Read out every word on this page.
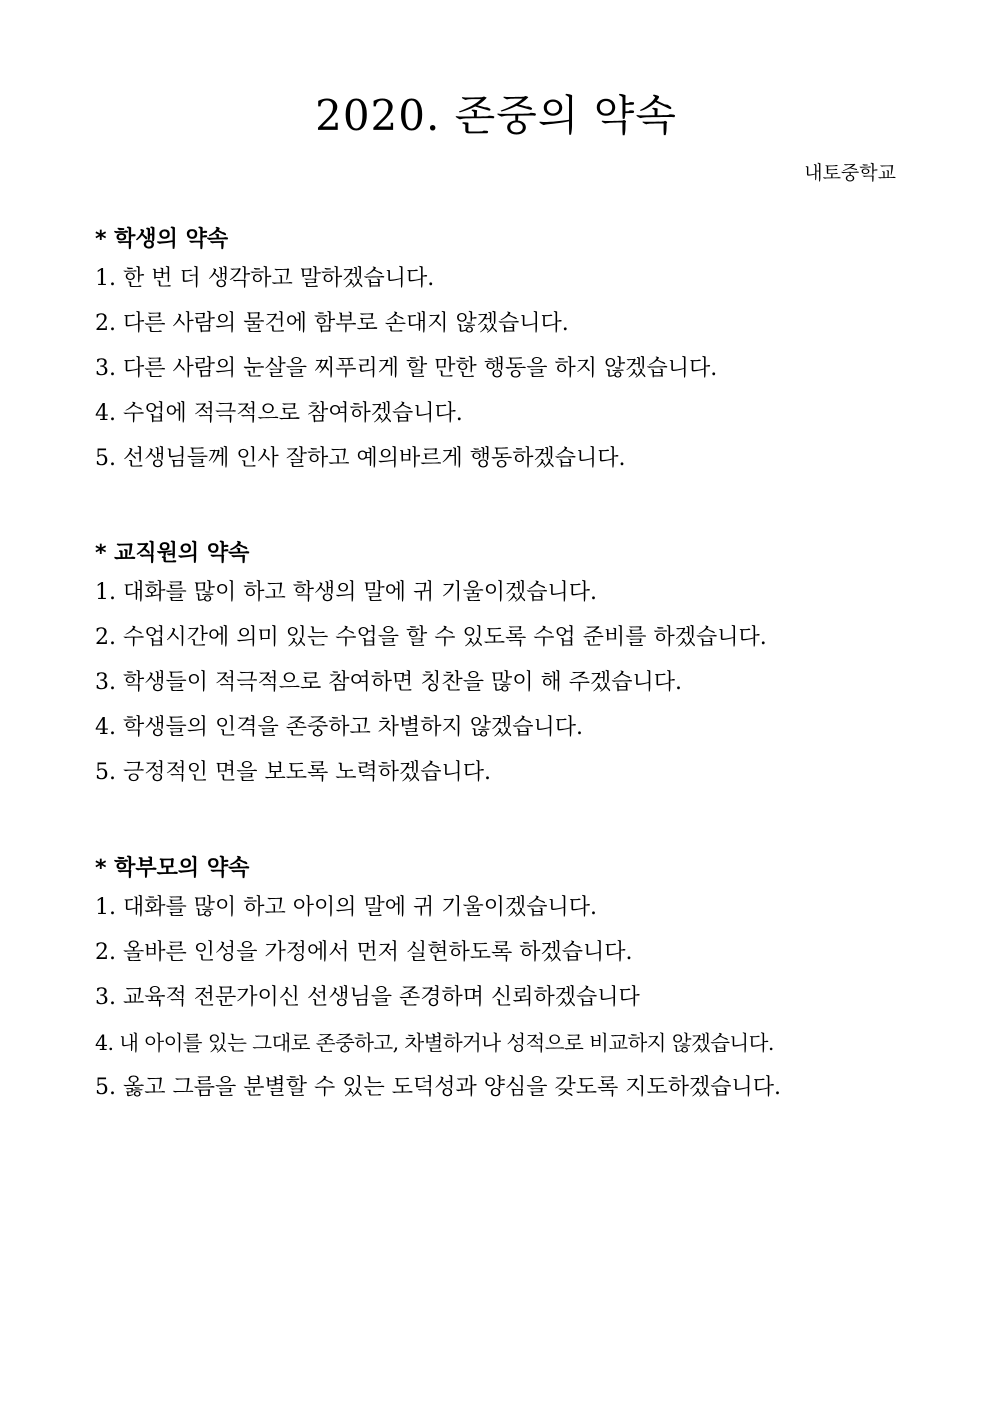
2020. 존중의 약속

내토중학교

* 학생의 약속

1. 한 번 더 생각하고 말하겠습니다.

2. 다른 사람의 물건에 함부로 손대지 않겠습니다.

3. 다른 사람의 눈살을 찌푸리게 할 만한 행동을 하지 않겠습니다.

4. 수업에 적극적으로 참여하겠습니다.

5. 선생님들께 인사 잘하고 예의바르게 행동하겠습니다.

* 교직원의 약속

1. 대화를 많이 하고 학생의 말에 귀 기울이겠습니다.

2. 수업시간에 의미 있는 수업을 할 수 있도록 수업 준비를 하겠습니다.

3. 학생들이 적극적으로 참여하면 칭찬을 많이 해 주겠습니다.

4. 학생들의 인격을 존중하고 차별하지 않겠습니다.

5. 긍정적인 면을 보도록 노력하겠습니다.

* 학부모의 약속

1. 대화를 많이 하고 아이의 말에 귀 기울이겠습니다.

2. 올바른 인성을 가정에서 먼저 실현하도록 하겠습니다.

3. 교육적 전문가이신 선생님을 존경하며 신뢰하겠습니다

4. 내 아이를 있는 그대로 존중하고, 차별하거나 성적으로 비교하지 않겠습니다.

5. 옳고 그름을 분별할 수 있는 도덕성과 양심을 갖도록 지도하겠습니다.
